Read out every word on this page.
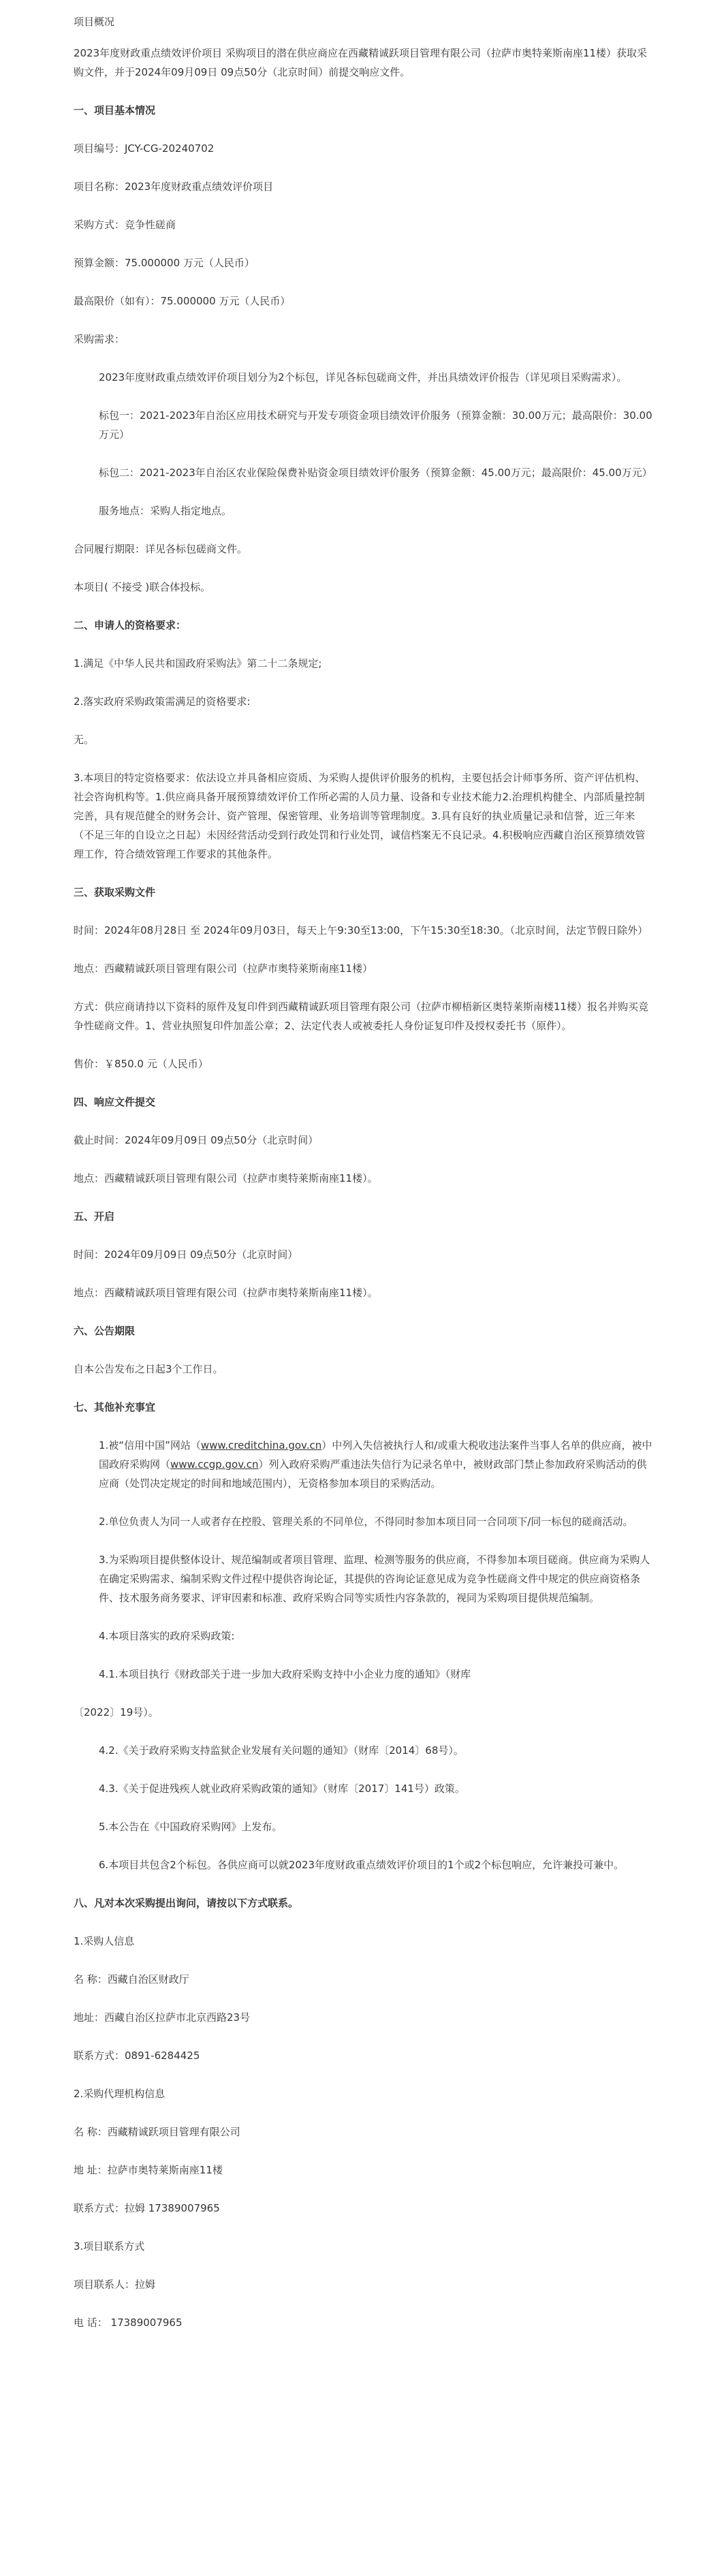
项目概况

2023年度财政重点绩效评价项目 采购项目的潜在供应商应在西藏精诚跃项目管理有限公司（拉萨市奥特莱斯南座11楼）获取采购文件，并于2024年09月09日 09点50分（北京时间）前提交响应文件。

一、项目基本情况

项目编号：JCY-CG-20240702

项目名称：2023年度财政重点绩效评价项目

采购方式：竞争性磋商

预算金额：75.000000 万元（人民币）

最高限价（如有）：75.000000 万元（人民币）

采购需求：

2023年度财政重点绩效评价项目划分为2个标包，详见各标包磋商文件，并出具绩效评价报告（详见项目采购需求）。

标包一：2021-2023年自治区应用技术研究与开发专项资金项目绩效评价服务（预算金额：30.00万元；最高限价：30.00万元）

标包二：2021-2023年自治区农业保险保费补贴资金项目绩效评价服务（预算金额：45.00万元；最高限价：45.00万元）

服务地点：采购人指定地点。

合同履行期限：详见各标包磋商文件。

本项目( 不接受 )联合体投标。

二、申请人的资格要求：

1.满足《中华人民共和国政府采购法》第二十二条规定;

2.落实政府采购政策需满足的资格要求:

无。

3.本项目的特定资格要求：依法设立并具备相应资质、为采购人提供评价服务的机构，主要包括会计师事务所、资产评估机构、社会咨询机构等。1.供应商具备开展预算绩效评价工作所必需的人员力量、设备和专业技术能力2.治理机构健全、内部质量控制完善，具有规范健全的财务会计、资产管理、保密管理、业务培训等管理制度。3.具有良好的执业质量记录和信誉，近三年来（不足三年的自设立之日起）未因经营活动受到行政处罚和行业处罚，诚信档案无不良记录。4.积极响应西藏自治区预算绩效管理工作，符合绩效管理工作要求的其他条件。

三、获取采购文件

时间：2024年08月28日 至 2024年09月03日，每天上午9:30至13:00，下午15:30至18:30。（北京时间，法定节假日除外）

地点：西藏精诚跃项目管理有限公司（拉萨市奥特莱斯南座11楼）

方式：供应商请持以下资料的原件及复印件到西藏精诚跃项目管理有限公司（拉萨市柳梧新区奥特莱斯南楼11楼）报名并购买竞争性磋商文件。1、营业执照复印件加盖公章；2、法定代表人或被委托人身份证复印件及授权委托书（原件）。

售价：￥850.0 元（人民币）

四、响应文件提交

截止时间：2024年09月09日 09点50分（北京时间）

地点：西藏精诚跃项目管理有限公司（拉萨市奥特莱斯南座11楼）。

五、开启

时间：2024年09月09日 09点50分（北京时间）

地点：西藏精诚跃项目管理有限公司（拉萨市奥特莱斯南座11楼）。

六、公告期限

自本公告发布之日起3个工作日。

七、其他补充事宜

1.被“信用中国”网站（www.creditchina.gov.cn）中列入失信被执行人和/或重大税收违法案件当事人名单的供应商，被中国政府采购网（www.ccgp.gov.cn）列入政府采购严重违法失信行为记录名单中，被财政部门禁止参加政府采购活动的供应商（处罚决定规定的时间和地域范围内），无资格参加本项目的采购活动。

2.单位负责人为同一人或者存在控股、管理关系的不同单位，不得同时参加本项目同一合同项下/同一标包的磋商活动。

3.为采购项目提供整体设计、规范编制或者项目管理、监理、检测等服务的供应商，不得参加本项目磋商。供应商为采购人在确定采购需求、编制采购文件过程中提供咨询论证，其提供的咨询论证意见成为竞争性磋商文件中规定的供应商资格条件、技术服务商务要求、评审因素和标准、政府采购合同等实质性内容条款的，视同为采购项目提供规范编制。

4.本项目落实的政府采购政策:

4.1.本项目执行《财政部关于进一步加大政府采购支持中小企业力度的通知》（财库

〔2022〕19号）。

4.2.《关于政府采购支持监狱企业发展有关问题的通知》（财库〔2014〕68号）。

4.3.《关于促进残疾人就业政府采购政策的通知》（财库〔2017〕141号）政策。

5.本公告在《中国政府采购网》上发布。

6.本项目共包含2个标包。各供应商可以就2023年度财政重点绩效评价项目的1个或2个标包响应，允许兼投可兼中。

八、凡对本次采购提出询问，请按以下方式联系。

1.采购人信息

名 称：西藏自治区财政厅

地址：西藏自治区拉萨市北京西路23号

联系方式：0891-6284425

2.采购代理机构信息

名 称：西藏精诚跃项目管理有限公司

地 址：拉萨市奥特莱斯南座11楼

联系方式：拉姆 17389007965

3.项目联系方式

项目联系人：拉姆

电 话： 17389007965
